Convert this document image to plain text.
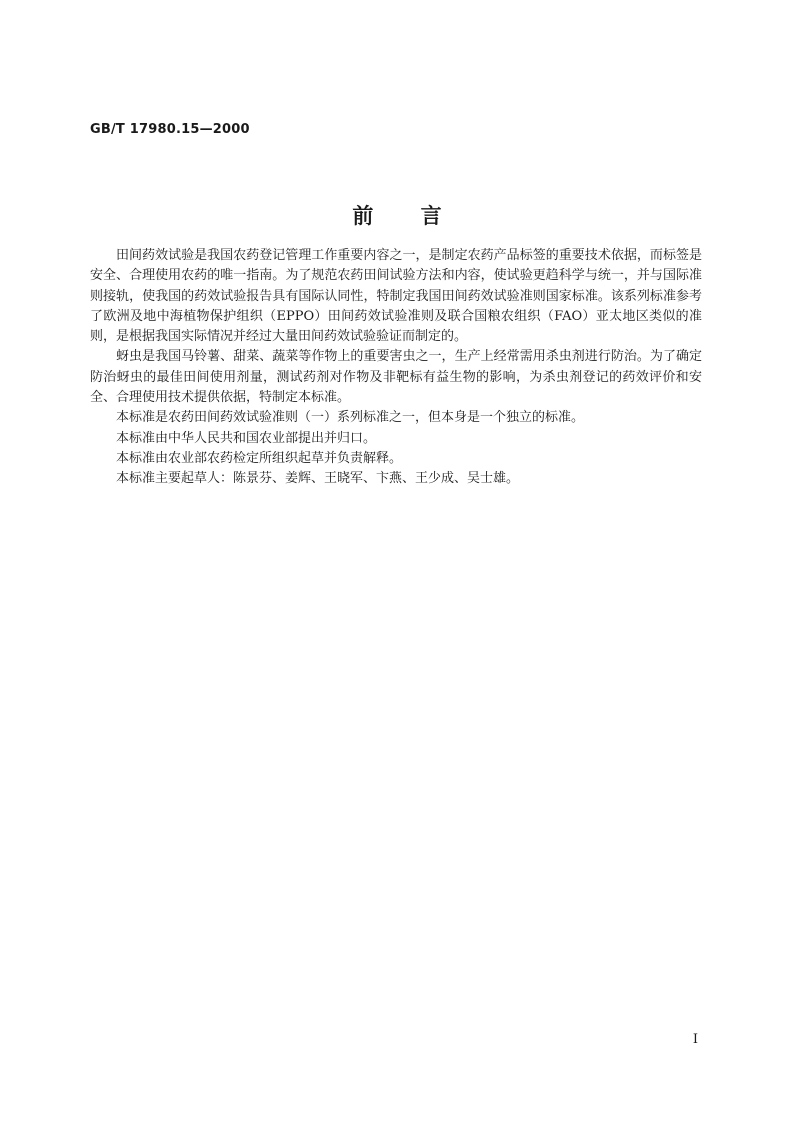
GB/T 17980.15—2000
前 言

田间药效试验是我国农药登记管理工作重要内容之一，是制定农药产品标签的重要技术依据，而标签是安全、合理使用农药的唯一指南。为了规范农药田间试验方法和内容，使试验更趋科学与统一，并与国际准则接轨，使我国的药效试验报告具有国际认同性，特制定我国田间药效试验准则国家标准。该系列标准参考了欧洲及地中海植物保护组织（EPPO）田间药效试验准则及联合国粮农组织（FAO）亚太地区类似的准则，是根据我国实际情况并经过大量田间药效试验验证而制定的。

蚜虫是我国马铃薯、甜菜、蔬菜等作物上的重要害虫之一，生产上经常需用杀虫剂进行防治。为了确定防治蚜虫的最佳田间使用剂量，测试药剂对作物及非靶标有益生物的影响，为杀虫剂登记的药效评价和安全、合理使用技术提供依据，特制定本标准。

本标准是农药田间药效试验准则（一）系列标准之一，但本身是一个独立的标准。

本标准由中华人民共和国农业部提出并归口。

本标准由农业部农药检定所组织起草并负责解释。

本标准主要起草人：陈景芬、姜辉、王晓军、卞燕、王少成、吴士雄。

I
